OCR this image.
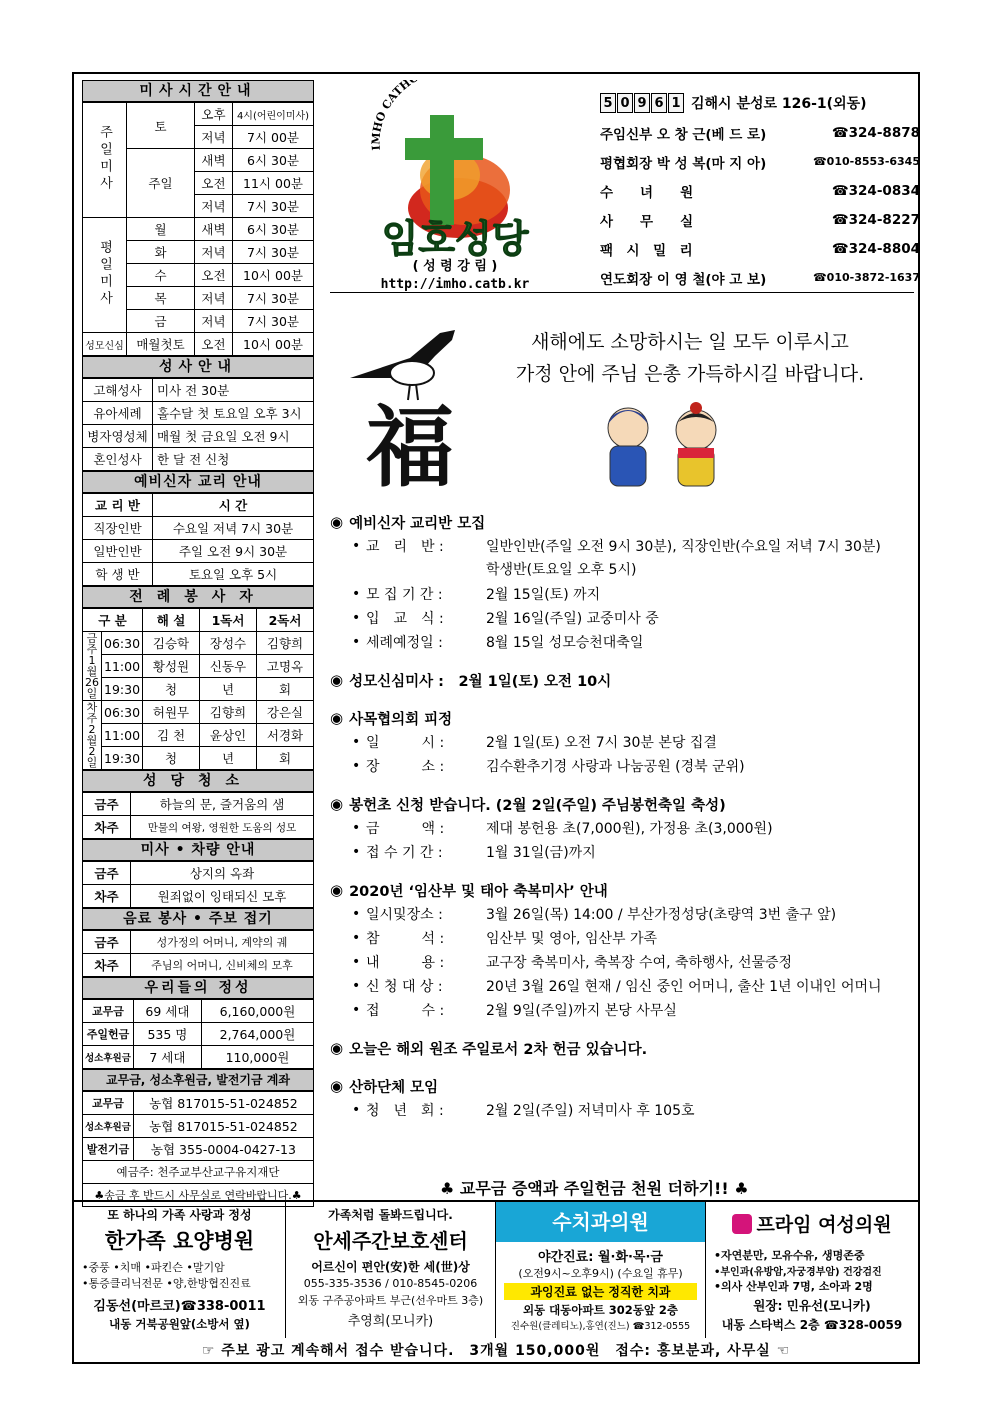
미사시간안내
주일미사	토	오후	4시(어린이미사)
		저녁	7시 00분
	주일	새벽	6시 30분
		오전	11시 00분
		저녁	7시 30분
평일미사	월	새벽	6시 30분
	화	저녁	7시 30분
	수	오전	10시 00분
	목	저녁	7시 30분
	금	저녁	7시 30분
성모신심	매월첫토	오전	10시 00분
성사안내
고해성사	미사 전 30분
유아세례	홀수달 첫 토요일 오후 3시
병자영성체	매월 첫 금요일 오전 9시
혼인성사	한 달 전 신청
예비신자 교리 안내
교 리 반	시 간
직장인반	수요일 저녁 7시 30분
일반인반	주일 오전 9시 30분
학 생 반	토요일 오후 5시
전례봉사자
구 분		해 설	1독서	2독서
금주 1월 26일	06:30	김승학	장성수	김향희
	11:00	황성원	신동우	고명옥
	19:30	청	년	회
차주 2월 2일	06:30	허원무	김향희	강은실
	11:00	김 천	윤상인	서경화
	19:30	청	년	회
성당청소
금주	하늘의 문, 즐거움의 샘
차주	만물의 여왕, 영원한 도움의 성모
미사 • 차량 안내
금주	상지의 옥좌
차주	원죄없이 잉태되신 모후
음료 봉사 • 주보 접기
금주	성가정의 어머니, 계약의 궤
차주	주님의 어머니, 신비체의 모후
우리들의 정성
교무금	69 세대	6,160,000원
주일헌금	535 명	2,764,000원
성소후원금	7 세대	110,000원
교무금, 성소후원금, 발전기금 계좌
교무금	농협 817015-51-024852
성소후원금	농협 817015-51-024852
발전기금	농협 355-0004-0427-13
예금주: 천주교부산교구유지재단	
♣송금 후 반드시 사무실로 연락바랍니다.♣	
IMHO CATH
임호성당
( 성 령 강 림 )
http://imho.catb.kr
5 0 9 6 1 김해시 분성로 126-1(외동)
주임신부 오 창 근(베 드 로)	☎324-8878
평협회장 박 성 복(마 지 아)	☎010-8553-6345
수　　녀　　원	☎324-0834
사　　무　　실	☎324-8227
팩　시　밀　리	☎324-8804
연도회장 이 영 철(야 고 보)	☎010-3872-1637
福
새해에도 소망하시는 일 모두 이루시고
가정 안에 주님 은총 가득하시길 바랍니다.
◉ 예비신자 교리반 모집
• 교　리　반 :	일반인반(주일 오전 9시 30분), 직장인반(수요일 저녁 7시 30분)
학생반(토요일 오후 5시)
• 모 집 기 간 :	2월 15일(토) 까지
• 입　교　식 :	2월 16일(주일) 교중미사 중
• 세례예정일 :	8월 15일 성모승천대축일
◉ 성모신심미사 :　2월 1일(토) 오전 10시
◉ 사목협의회 피정
• 일　　　시 :	2월 1일(토) 오전 7시 30분 본당 집결
• 장　　　소 :	김수환추기경 사랑과 나눔공원 (경북 군위)
◉ 봉헌초 신청 받습니다. (2월 2일(주일) 주님봉헌축일 축성)
• 금　　　액 :	제대 봉헌용 초(7,000원), 가정용 초(3,000원)
• 접 수 기 간 :	1월 31일(금)까지
◉ 2020년 ‘임산부 및 태아 축복미사’ 안내
• 일시및장소 :	3월 26일(목) 14:00 / 부산가정성당(초량역 3번 출구 앞)
• 참　　　석 :	임산부 및 영아, 임산부 가족
• 내　　　용 :	교구장 축복미사, 축복장 수여, 축하행사, 선물증정
• 신 청 대 상 :	20년 3월 26일 현재 / 임신 중인 어머니, 출산 1년 이내인 어머니
• 접　　　수 :	2월 9일(주일)까지 본당 사무실
◉ 오늘은 해외 원조 주일로서 2차 헌금 있습니다.
◉ 산하단체 모임
• 청　년　회 :	2월 2일(주일) 저녁미사 후 105호
♣ 교무금 증액과 주일헌금 천원 더하기!! ♣
또 하나의 가족 사랑과 정성
한가족 요양병원
•중풍 •치매 •파킨슨 •말기암
•통증클리닉전문 •양,한방협진진료
김동선(마르코)☎338-0011
내동 거북공원앞(소방서 옆)
가족처럼 돌봐드립니다.
안세주간보호센터
어르신이 편안(安)한 세(世)상
055-335-3536 / 010-8545-0206
외동 구주공아파트 부근(선우마트 3층)
추영희(모니카)
수치과의원
야간진료: 월·화·목·금
(오전9시~오후9시) (수요일 휴무)
과잉진료 없는 정직한 치과
외동 대동아파트 302동앞 2층
진수원(클레티노),홍연(진느) ☎312-0555
프라임 여성의원
•자연분만, 모유수유, 생명존중
•부인과(유방암,자궁경부암) 건강검진
•의사 산부인과 7명, 소아과 2명
원장: 민유선(모니카)
내동 스타벅스 2층 ☎328-0059
☞ 주보 광고 계속해서 접수 받습니다.　3개월 150,000원　접수: 홍보분과, 사무실 ☜
